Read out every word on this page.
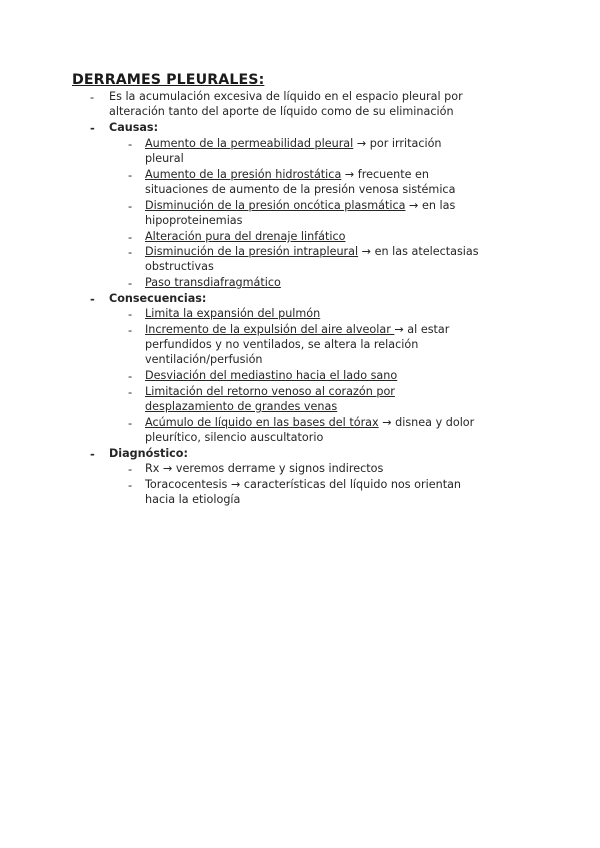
DERRAMES PLEURALES:
- Es la acumulación excesiva de líquido en el espacio pleural por
alteración tanto del aporte de líquido como de su eliminación
- Causas:
- Aumento de la permeabilidad pleural → por irritación
pleural
- Aumento de la presión hidrostática → frecuente en
situaciones de aumento de la presión venosa sistémica
- Disminución de la presión oncótica plasmática → en las
hipoproteinemias
- Alteración pura del drenaje linfático
- Disminución de la presión intrapleural → en las atelectasias
obstructivas
- Paso transdiafragmático
- Consecuencias:
- Limita la expansión del pulmón
- Incremento de la expulsión del aire alveolar → al estar
perfundidos y no ventilados, se altera la relación
ventilación/perfusión
- Desviación del mediastino hacia el lado sano
- Limitación del retorno venoso al corazón por
desplazamiento de grandes venas
- Acúmulo de líquido en las bases del tórax → disnea y dolor
pleurítico, silencio auscultatorio
- Diagnóstico:
- Rx → veremos derrame y signos indirectos
- Toracocentesis → características del líquido nos orientan
hacia la etiología
